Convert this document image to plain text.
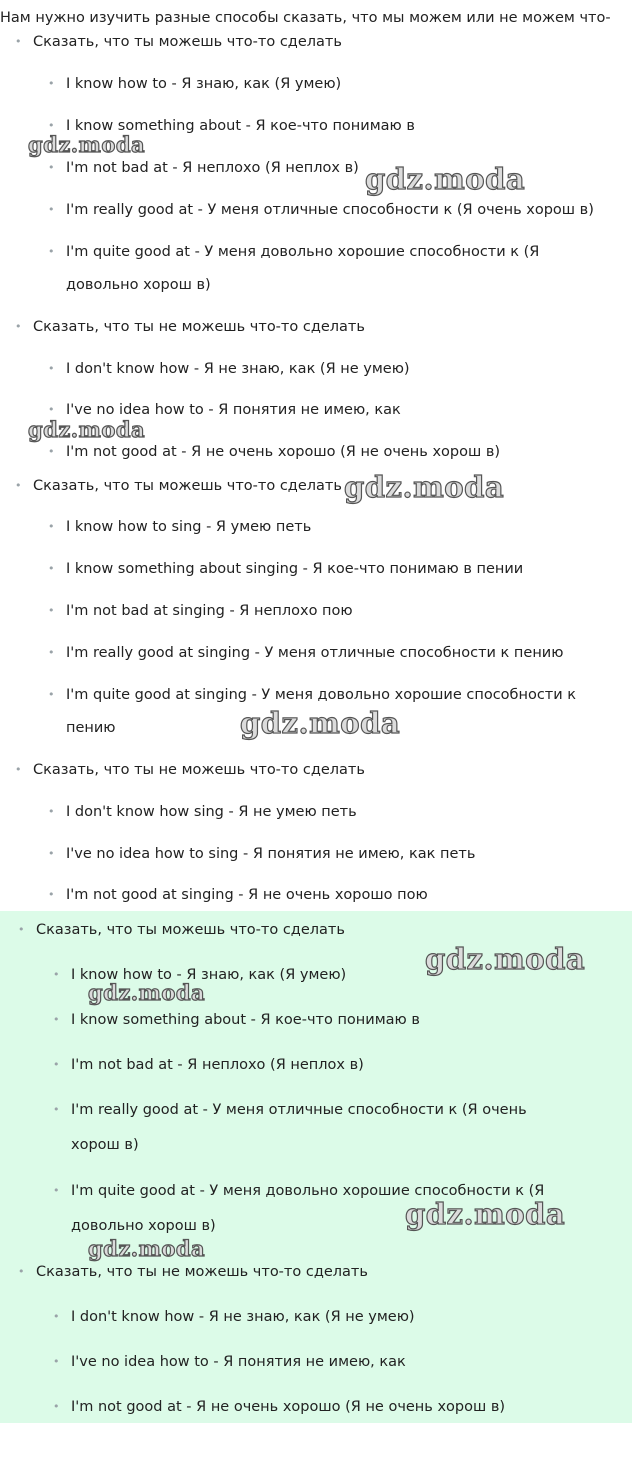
Нам нужно изучить разные способы сказать, что мы можем или не можем что-
• Сказать, что ты можешь что-то сделать
• I know how to - Я знаю, как (Я умею)
• I know something about - Я кое-что понимаю в
• I'm not bad at - Я неплохо (Я неплох в)
• I'm really good at - У меня отличные способности к (Я очень хорош в)
• I'm quite good at - У меня довольно хорошие способности к (Я
довольно хорош в)
• Сказать, что ты не можешь что-то сделать
• I don't know how - Я не знаю, как (Я не умею)
• I've no idea how to - Я понятия не имею, как
• I'm not good at - Я не очень хорошо (Я не очень хорош в)
• Сказать, что ты можешь что-то сделать
• I know how to sing - Я умею петь
• I know something about singing - Я кое-что понимаю в пении
• I'm not bad at singing - Я неплохо пою
• I'm really good at singing - У меня отличные способности к пению
• I'm quite good at singing - У меня довольно хорошие способности к
пению
• Сказать, что ты не можешь что-то сделать
• I don't know how sing - Я не умею петь
• I've no idea how to sing - Я понятия не имею, как петь
• I'm not good at singing - Я не очень хорошо пою
• Сказать, что ты можешь что-то сделать
• I know how to - Я знаю, как (Я умею)
• I know something about - Я кое-что понимаю в
• I'm not bad at - Я неплохо (Я неплох в)
• I'm really good at - У меня отличные способности к (Я очень
хорош в)
• I'm quite good at - У меня довольно хорошие способности к (Я
довольно хорош в)
• Сказать, что ты не можешь что-то сделать
• I don't know how - Я не знаю, как (Я не умею)
• I've no idea how to - Я понятия не имею, как
• I'm not good at - Я не очень хорошо (Я не очень хорош в)
gdz.moda
gdz.moda
gdz.moda
gdz.moda
gdz.moda
gdz.moda
gdz.moda
gdz.moda
gdz.moda
